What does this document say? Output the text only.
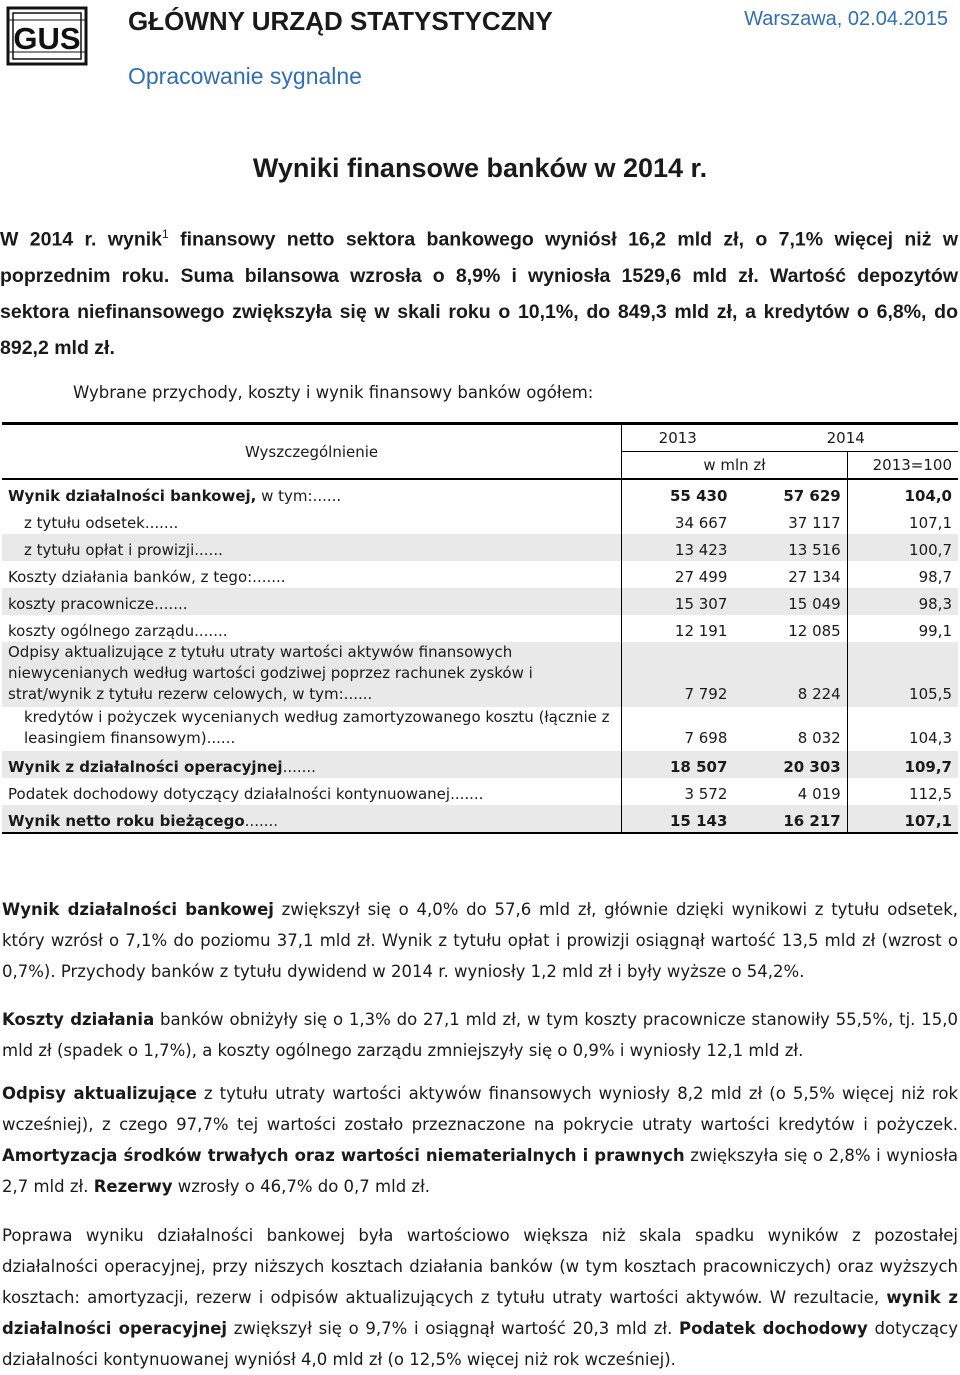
GUS GŁÓWNY URZĄD STATYSTYCZNY
Opracowanie sygnalne
Warszawa, 02.04.2015
Wyniki finansowe banków w 2014 r.
W 2014 r. wynik$^1$ finansowy netto sektora bankowego wyniósł 16,2 mld zł, o 7,1% więcej niż w poprzednim roku. Suma bilansowa wzrosła o 8,9% i wyniosła 1529,6 mld zł. Wartość depozytów sektora niefinansowego zwiększyła się w skali roku o 10,1%, do 849,3 mld zł, a kredytów o 6,8%, do 892,2 mld zł.
Wybrane przychody, koszty i wynik finansowy banków ogółem:
Wyszczególnienie	2013	2014	
	w mln zł		2013=100
Wynik działalności bankowej, w tym:......	55 430	57 629	104,0
z tytułu odsetek.......	34 667	37 117	107,1
z tytułu opłat i prowizji......	13 423	13 516	100,7
Koszty działania banków, z tego:.......	27 499	27 134	98,7
koszty pracownicze.......	15 307	15 049	98,3
koszty ogólnego zarządu.......	12 191	12 085	99,1
Odpisy aktualizujące z tytułu utraty wartości aktywów finansowych niewycenianych według wartości godziwej poprzez rachunek zysków i strat/wynik z tytułu rezerw celowych, w tym:......	7 792	8 224	105,5
kredytów i pożyczek wycenianych według zamortyzowanego kosztu (łącznie z leasingiem finansowym)......	7 698	8 032	104,3
Wynik z działalności operacyjnej.......	18 507	20 303	109,7
Podatek dochodowy dotyczący działalności kontynuowanej.......	3 572	4 019	112,5
Wynik netto roku bieżącego.......	15 143	16 217	107,1
Wynik działalności bankowej zwiększył się o 4,0% do 57,6 mld zł, głównie dzięki wynikowi z tytułu odsetek, który wzrósł o 7,1% do poziomu 37,1 mld zł. Wynik z tytułu opłat i prowizji osiągnął wartość 13,5 mld zł (wzrost o 0,7%). Przychody banków z tytułu dywidend w 2014 r. wyniosły 1,2 mld zł i były wyższe o 54,2%.
Koszty działania banków obniżyły się o 1,3% do 27,1 mld zł, w tym koszty pracownicze stanowiły 55,5%, tj. 15,0 mld zł (spadek o 1,7%), a koszty ogólnego zarządu zmniejszyły się o 0,9% i wyniosły 12,1 mld zł.
Odpisy aktualizujące z tytułu utraty wartości aktywów finansowych wyniosły 8,2 mld zł (o 5,5% więcej niż rok wcześniej), z czego 97,7% tej wartości zostało przeznaczone na pokrycie utraty wartości kredytów i pożyczek. Amortyzacja środków trwałych oraz wartości niematerialnych i prawnych zwiększyła się o 2,8% i wyniosła 2,7 mld zł. Rezerwy wzrosły o 46,7% do 0,7 mld zł.
Poprawa wyniku działalności bankowej była wartościowo większa niż skala spadku wyników z pozostałej działalności operacyjnej, przy niższych kosztach działania banków (w tym kosztach pracowniczych) oraz wyższych kosztach: amortyzacji, rezerw i odpisów aktualizujących z tytułu utraty wartości aktywów. W rezultacie, wynik z działalności operacyjnej zwiększył się o 9,7% i osiągnął wartość 20,3 mld zł. Podatek dochodowy dotyczący działalności kontynuowanej wyniósł 4,0 mld zł (o 12,5% więcej niż rok wcześniej).
